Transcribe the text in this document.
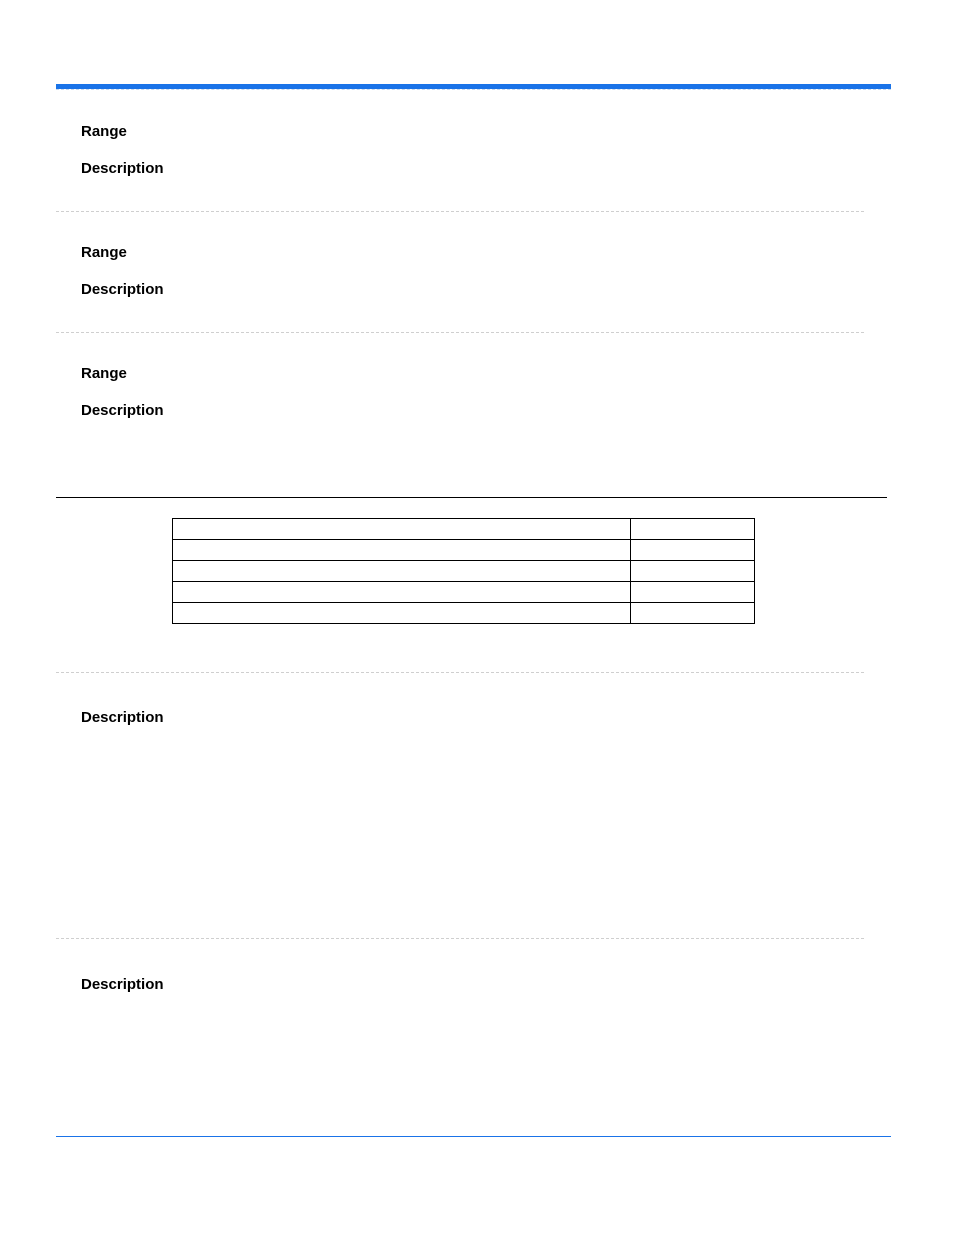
Range
Description
Range
Description
Range
Description

Description
Description
